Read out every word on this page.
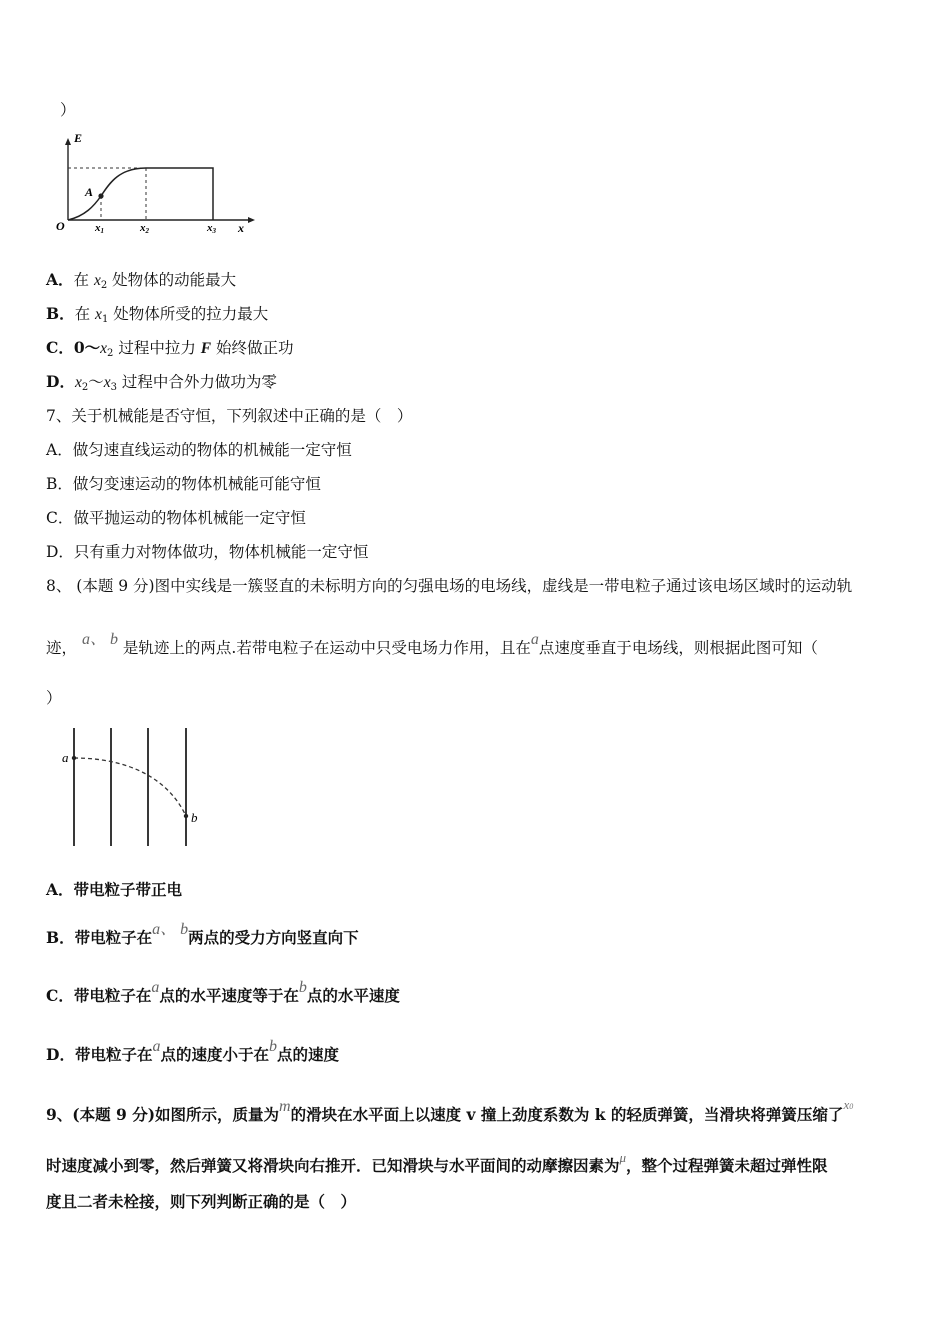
）
E
x
O
A
x1	x2	x3
A．在 $x_2$ 处物体的动能最大
B．在 $x_1$ 处物体所受的拉力最大
C．$0\sim x_2$ 过程中拉力 F 始终做正功
D．$x_2\sim x_3$ 过程中合外力做功为零
7、关于机械能是否守恒，下列叙述中正确的是（　）
A．做匀速直线运动的物体的机械能一定守恒
B．做匀变速运动的物体机械能可能守恒
C．做平抛运动的物体机械能一定守恒
D．只有重力对物体做功，物体机械能一定守恒
8、 (本题 9 分)图中实线是一簇竖直的未标明方向的匀强电场的电场线，虚线是一带电粒子通过该电场区域时的运动轨
迹， a、 b 是轨迹上的两点.若带电粒子在运动中只受电场力作用，且在a点速度垂直于电场线，则根据此图可知（
）
a
b
A．带电粒子带正电
B．带电粒子在a、 b两点的受力方向竖直向下
C．带电粒子在a点的水平速度等于在b点的水平速度
D．带电粒子在a点的速度小于在b点的速度
9、(本题 9 分)如图所示，质量为m的滑块在水平面上以速度 v 撞上劲度系数为 k 的轻质弹簧，当滑块将弹簧压缩了$^{x0}$
时速度减小到零，然后弹簧又将滑块向右推开．已知滑块与水平面间的动摩擦因素为$^\mu$，整个过程弹簧未超过弹性限
度且二者未栓接，则下列判断正确的是（　）
